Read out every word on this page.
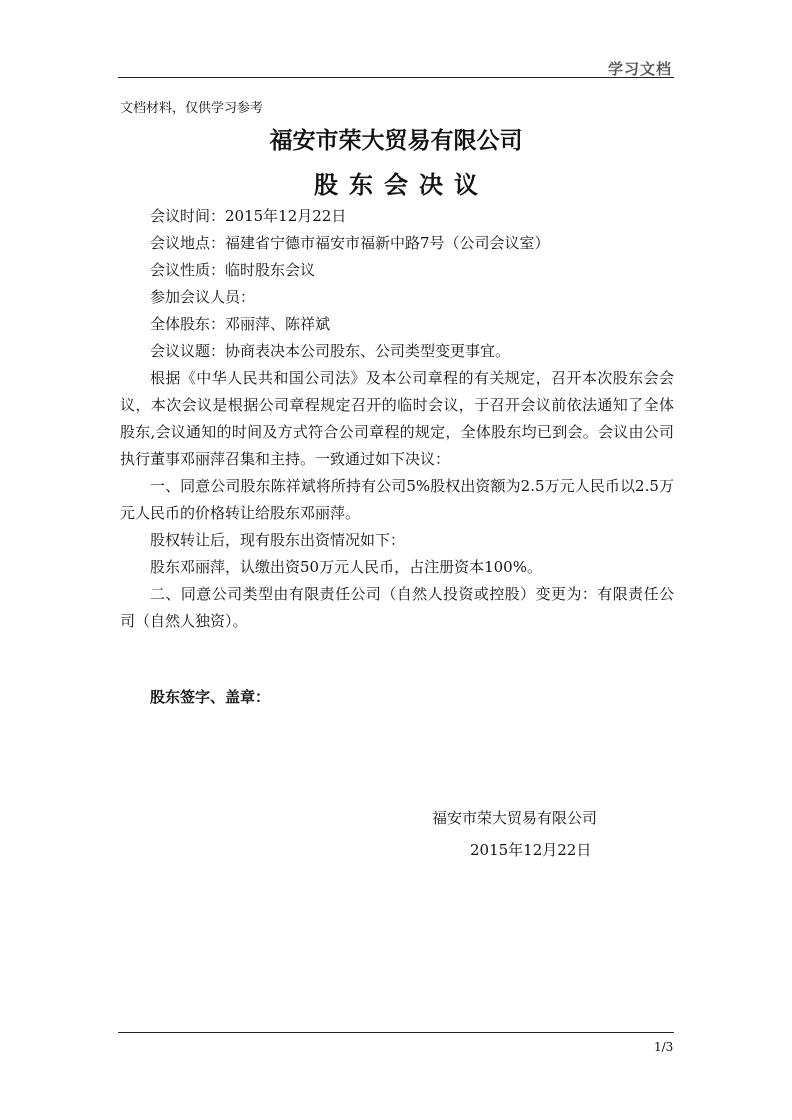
学习文档
文档材料，仅供学习参考
福安市荣大贸易有限公司
股东会决议

会议时间：2015年12月22日

会议地点：福建省宁德市福安市福新中路7号（公司会议室）

会议性质：临时股东会议

参加会议人员：

全体股东：邓丽萍、陈祥斌

会议议题：协商表决本公司股东、公司类型变更事宜。

根据《中华人民共和国公司法》及本公司章程的有关规定，召开本次股东会会议，本次会议是根据公司章程规定召开的临时会议，于召开会议前依法通知了全体股东,会议通知的时间及方式符合公司章程的规定，全体股东均已到会。会议由公司执行董事邓丽萍召集和主持。一致通过如下决议：

一、同意公司股东陈祥斌将所持有公司5%股权出资额为2.5万元人民币以2.5万元人民币的价格转让给股东邓丽萍。

股权转让后，现有股东出资情况如下：

股东邓丽萍，认缴出资50万元人民币，占注册资本100%。

二、同意公司类型由有限责任公司（自然人投资或控股）变更为：有限责任公司（自然人独资）。

股东签字、盖章：
福安市荣大贸易有限公司
2015年12月22日
1/3
